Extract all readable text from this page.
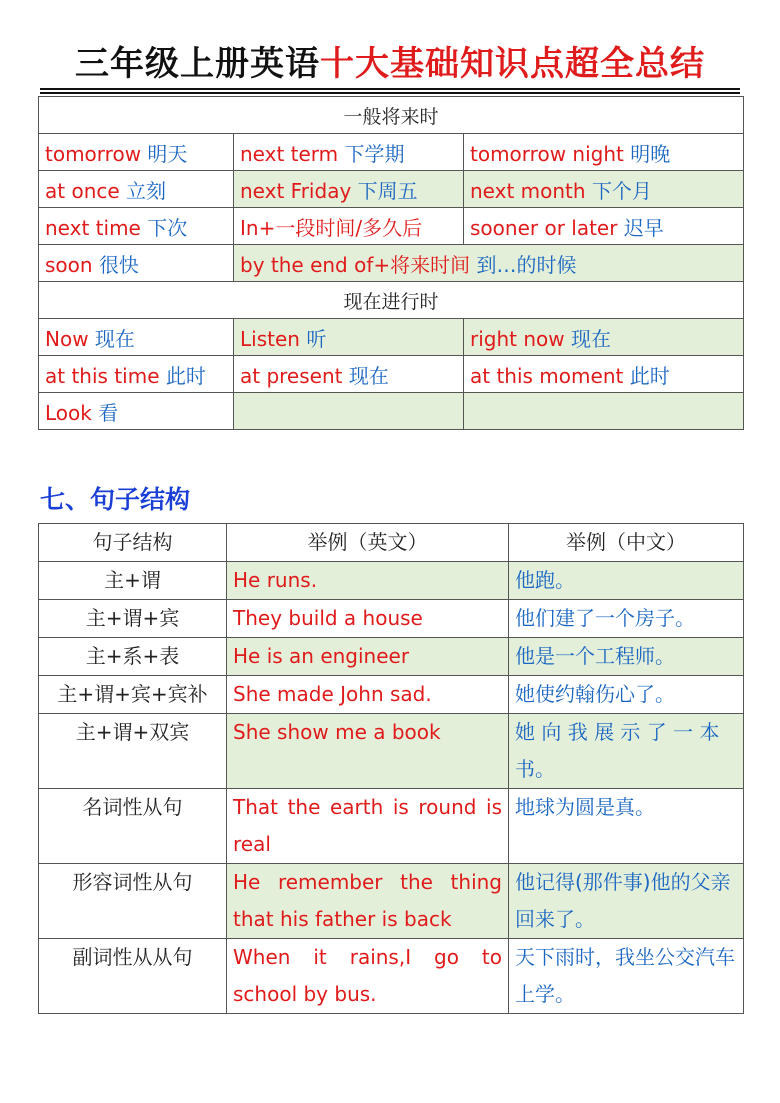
三年级上册英语十大基础知识点超全总结
一般将来时		
tomorrow 明天	next term 下学期	tomorrow night 明晚
at once 立刻	next Friday 下周五	next month 下个月
next time 下次	In+一段时间/多久后	sooner or later 迟早
soon 很快	by the end of+将来时间 到…的时候	
现在进行时		
Now 现在	Listen 听	right now 现在
at this time 此时	at present 现在	at this moment 此时
Look 看		
七、句子结构
句子结构	举例（英文）	举例（中文）
主+谓	He runs.	他跑。
主+谓+宾	They build a house	他们建了一个房子。
主+系+表	He is an engineer	他是一个工程师。
主+谓+宾+宾补	She made John sad.	她使约翰伤心了。
主+谓+双宾	She show me a book	她 向 我 展 示 了 一 本书。
名词性从句	That the earth is round is real	地球为圆是真。
形容词性从句	He remember the thing that his father is back	他记得(那件事)他的父亲回来了。
副词性从从句	When it rains,I go to school by bus.	天下雨时，我坐公交汽车上学。
